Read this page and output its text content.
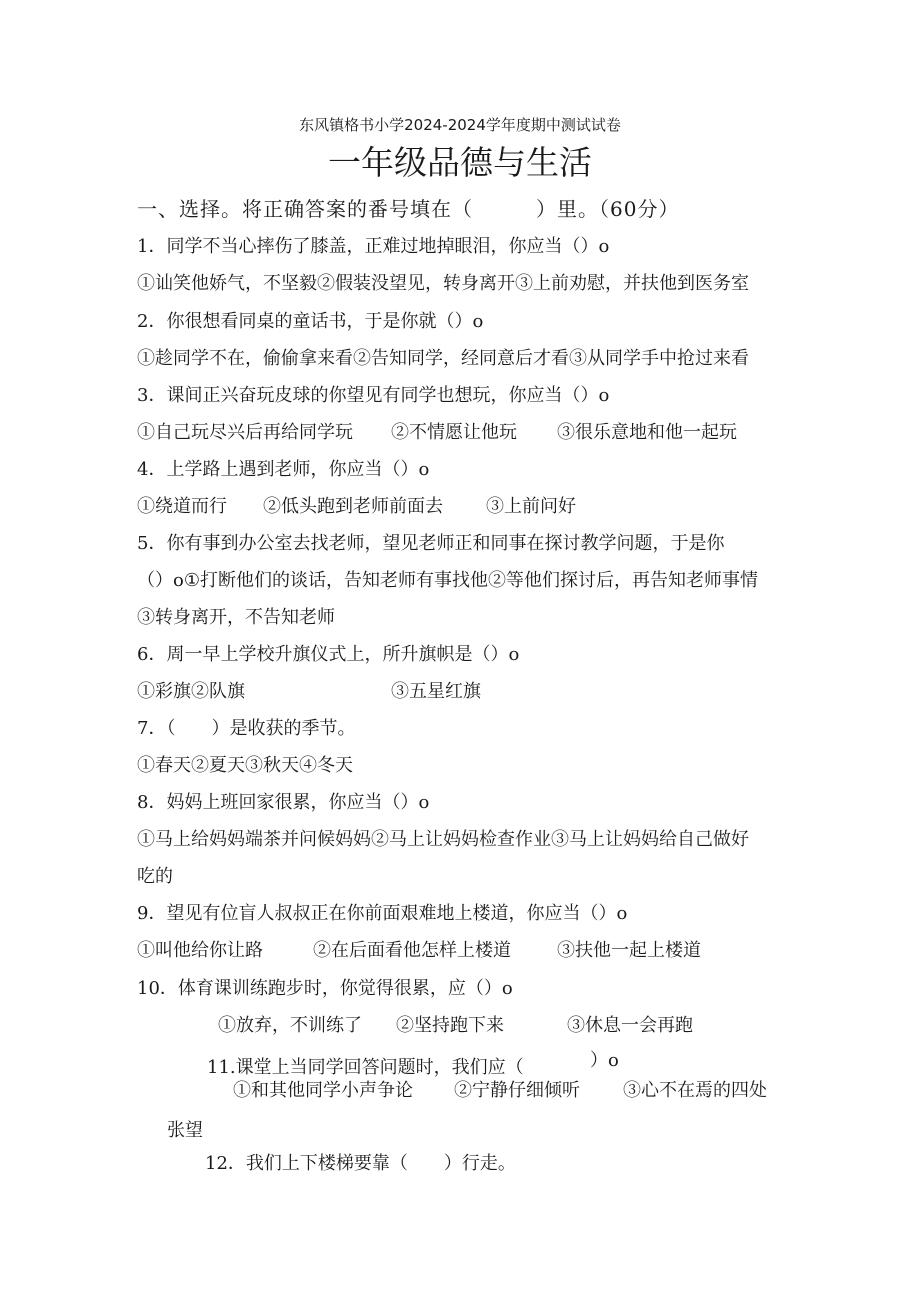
东风镇格书小学2024-2024学年度期中测试试卷
一年级品德与生活
一、选择。将正确答案的番号填在（　　　）里。（60分）
1．同学不当心摔伤了膝盖，正难过地掉眼泪，你应当（）o
①讪笑他娇气，不坚毅②假装没望见，转身离开③上前劝慰，并扶他到医务室
2．你很想看同桌的童话书，于是你就（）o
①趁同学不在，偷偷拿来看②告知同学，经同意后才看③从同学手中抢过来看
3．课间正兴奋玩皮球的你望见有同学也想玩，你应当（）o
①自己玩尽兴后再给同学玩 ②不情愿让他玩 ③很乐意地和他一起玩
4．上学路上遇到老师，你应当（）o
①绕道而行 ②低头跑到老师前面去 ③上前问好
5．你有事到办公室去找老师，望见老师正和同事在探讨教学问题，于是你
（）o①打断他们的谈话，告知老师有事找他②等他们探讨后，再告知老师事情
③转身离开，不告知老师
6．周一早上学校升旗仪式上，所升旗帜是（）o
①彩旗②队旗	③五星红旗
7．（　　）是收获的季节。
①春天②夏天③秋天④冬天
8．妈妈上班回家很累，你应当（）o
①马上给妈妈端茶并问候妈妈②马上让妈妈检查作业③马上让妈妈给自己做好
吃的
9．望见有位盲人叔叔正在你前面艰难地上楼道，你应当（）o
①叫他给你让路	②在后面看他怎样上楼道	③扶他一起上楼道
10．体育课训练跑步时，你觉得很累，应（）o
①放弃，不训练了 ②坚持跑下来	③休息一会再跑
11.课堂上当同学回答问题时，我们应（	）o
①和其他同学小声争论 ②宁静仔细倾听 ③心不在焉的四处
张望
12．我们上下楼梯要靠（　　）行走。
